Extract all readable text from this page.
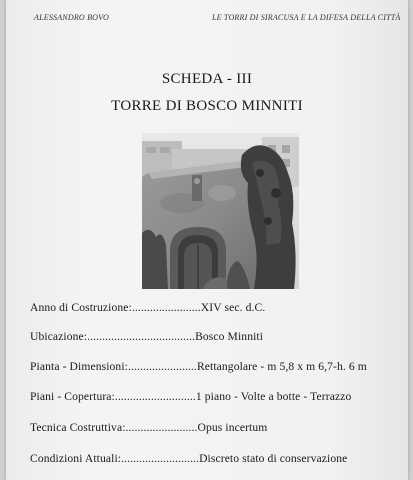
ALESSANDRO BOVO	LE TORRI DI SIRACUSA E LA DIFESA DELLA CITTÀ
SCHEDA - III
TORRE DI BOSCO MINNITI
Anno di Costruzione:.......................XIV sec. d.C.
Ubicazione:....................................Bosco Minniti
Pianta - Dimensioni:.......................Rettangolare - m 5,8 x m 6,7-h. 6 m
Piani - Copertura:...........................1 piano - Volte a botte - Terrazzo
Tecnica Costruttiva:........................Opus incertum
Condizioni Attuali:..........................Discreto stato di conservazione
